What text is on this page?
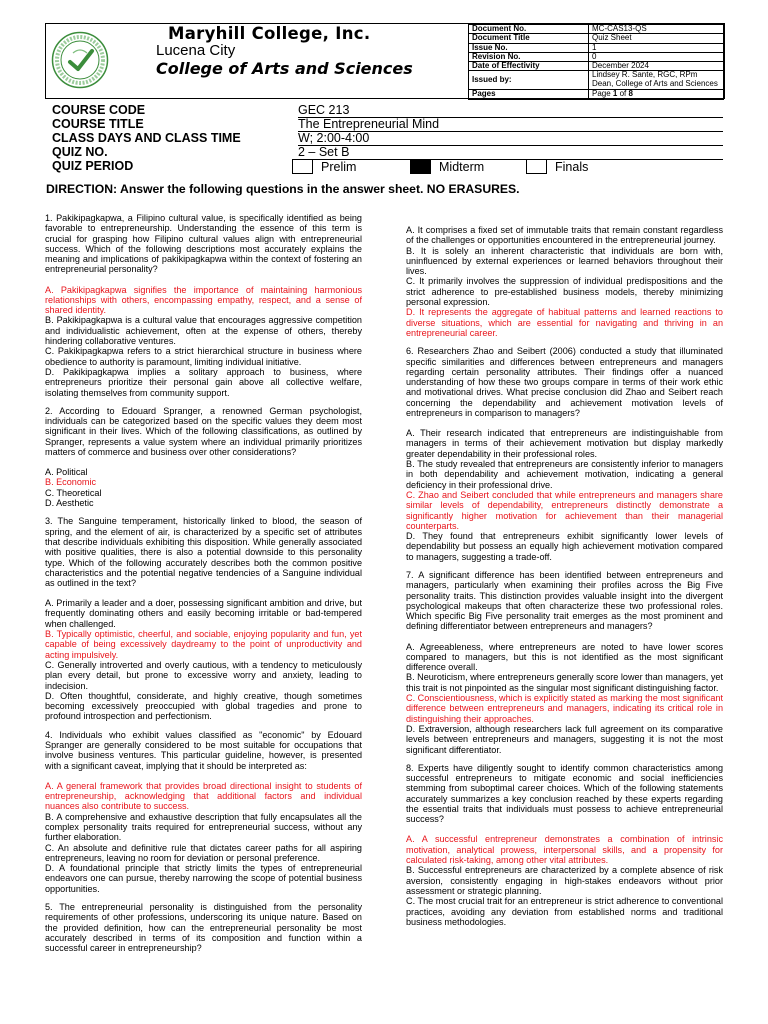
Maryhill College, Inc.
Lucena City
College of Arts and Sciences
Document No.	MC-CAS13-QS
Document Title	Quiz Sheet
Issue No.	1
Revision No.	0
Date of Effectivity	December 2024
Issued by:	Lindsey R. Sante, RGC, RPm
Dean, College of Arts and Sciences
Pages	Page 1 of 8
COURSE CODE	GEC 213
COURSE TITLE	The Entrepreneurial Mind
CLASS DAYS AND CLASS TIME	W; 2:00-4:00
QUIZ NO.	2 – Set B
QUIZ PERIOD	Prelim	Midterm	Finals
DIRECTION: Answer the following questions in the answer sheet. NO ERASURES.

1. Pakikipagkapwa, a Filipino cultural value, is specifically identified as being favorable to entrepreneurship. Understanding the essence of this term is crucial for grasping how Filipino cultural values align with entrepreneurial success. Which of the following descriptions most accurately explains the meaning and implications of pakikipagkapwa within the context of fostering an entrepreneurial personality?

A. Pakikipagkapwa signifies the importance of maintaining harmonious relationships with others, encompassing empathy, respect, and a sense of shared identity.
B. Pakikipagkapwa is a cultural value that encourages aggressive competition and individualistic achievement, often at the expense of others, thereby hindering collaborative ventures.
C. Pakikipagkapwa refers to a strict hierarchical structure in business where obedience to authority is paramount, limiting individual initiative.
D. Pakikipagkapwa implies a solitary approach to business, where entrepreneurs prioritize their personal gain above all collective welfare, isolating themselves from community support.

2. According to Edouard Spranger, a renowned German psychologist, individuals can be categorized based on the specific values they deem most significant in their lives. Which of the following classifications, as outlined by Spranger, represents a value system where an individual primarily prioritizes matters of commerce and business over other considerations?

A. Political
B. Economic
C. Theoretical
D. Aesthetic

3. The Sanguine temperament, historically linked to blood, the season of spring, and the element of air, is characterized by a specific set of attributes that describe individuals exhibiting this disposition. While generally associated with positive qualities, there is also a potential downside to this personality type. Which of the following accurately describes both the common positive characteristics and the potential negative tendencies of a Sanguine individual as outlined in the text?

A. Primarily a leader and a doer, possessing significant ambition and drive, but frequently dominating others and easily becoming irritable or bad-tempered when challenged.
B. Typically optimistic, cheerful, and sociable, enjoying popularity and fun, yet capable of being excessively daydreamy to the point of unproductivity and acting impulsively.
C. Generally introverted and overly cautious, with a tendency to meticulously plan every detail, but prone to excessive worry and anxiety, leading to indecision.
D. Often thoughtful, considerate, and highly creative, though sometimes becoming excessively preoccupied with global tragedies and prone to profound introspection and perfectionism.

4. Individuals who exhibit values classified as "economic" by Edouard Spranger are generally considered to be most suitable for occupations that involve business ventures. This particular guideline, however, is presented with a significant caveat, implying that it should be interpreted as:

A. A general framework that provides broad directional insight to students of entrepreneurship, acknowledging that additional factors and individual nuances also contribute to success.
B. A comprehensive and exhaustive description that fully encapsulates all the complex personality traits required for entrepreneurial success, without any further elaboration.
C. An absolute and definitive rule that dictates career paths for all aspiring entrepreneurs, leaving no room for deviation or personal preference.
D. A foundational principle that strictly limits the types of entrepreneurial endeavors one can pursue, thereby narrowing the scope of potential business opportunities.

5. The entrepreneurial personality is distinguished from the personality requirements of other professions, underscoring its unique nature. Based on the provided definition, how can the entrepreneurial personality be most accurately described in terms of its composition and function within a successful career in entrepreneurship?

A. It comprises a fixed set of immutable traits that remain constant regardless of the challenges or opportunities encountered in the entrepreneurial journey.
B. It is solely an inherent characteristic that individuals are born with, uninfluenced by external experiences or learned behaviors throughout their lives.
C. It primarily involves the suppression of individual predispositions and the strict adherence to pre-established business models, thereby minimizing personal expression.
D. It represents the aggregate of habitual patterns and learned reactions to diverse situations, which are essential for navigating and thriving in an entrepreneurial career.

6. Researchers Zhao and Seibert (2006) conducted a study that illuminated specific similarities and differences between entrepreneurs and managers regarding certain personality attributes. Their findings offer a nuanced understanding of how these two groups compare in terms of their work ethic and motivational drives. What precise conclusion did Zhao and Seibert reach concerning the dependability and achievement motivation levels of entrepreneurs in comparison to managers?

A. Their research indicated that entrepreneurs are indistinguishable from managers in terms of their achievement motivation but display markedly greater dependability in their professional roles.
B. The study revealed that entrepreneurs are consistently inferior to managers in both dependability and achievement motivation, indicating a general deficiency in their professional drive.
C. Zhao and Seibert concluded that while entrepreneurs and managers share similar levels of dependability, entrepreneurs distinctly demonstrate a significantly higher motivation for achievement than their managerial counterparts.
D. They found that entrepreneurs exhibit significantly lower levels of dependability but possess an equally high achievement motivation compared to managers, suggesting a trade-off.

7. A significant difference has been identified between entrepreneurs and managers, particularly when examining their profiles across the Big Five personality traits. This distinction provides valuable insight into the divergent psychological makeups that often characterize these two professional roles. Which specific Big Five personality trait emerges as the most prominent and defining differentiator between entrepreneurs and managers?

A. Agreeableness, where entrepreneurs are noted to have lower scores compared to managers, but this is not identified as the most significant difference overall.
B. Neuroticism, where entrepreneurs generally score lower than managers, yet this trait is not pinpointed as the singular most significant distinguishing factor.
C. Conscientiousness, which is explicitly stated as marking the most significant difference between entrepreneurs and managers, indicating its critical role in distinguishing their approaches.
D. Extraversion, although researchers lack full agreement on its comparative levels between entrepreneurs and managers, suggesting it is not the most significant differentiator.

8. Experts have diligently sought to identify common characteristics among successful entrepreneurs to mitigate economic and social inefficiencies stemming from suboptimal career choices. Which of the following statements accurately summarizes a key conclusion reached by these experts regarding the essential traits that individuals must possess to achieve entrepreneurial success?

A. A successful entrepreneur demonstrates a combination of intrinsic motivation, analytical prowess, interpersonal skills, and a propensity for calculated risk-taking, among other vital attributes.
B. Successful entrepreneurs are characterized by a complete absence of risk aversion, consistently engaging in high-stakes endeavors without prior assessment or strategic planning.
C. The most crucial trait for an entrepreneur is strict adherence to conventional practices, avoiding any deviation from established norms and traditional business methodologies.
